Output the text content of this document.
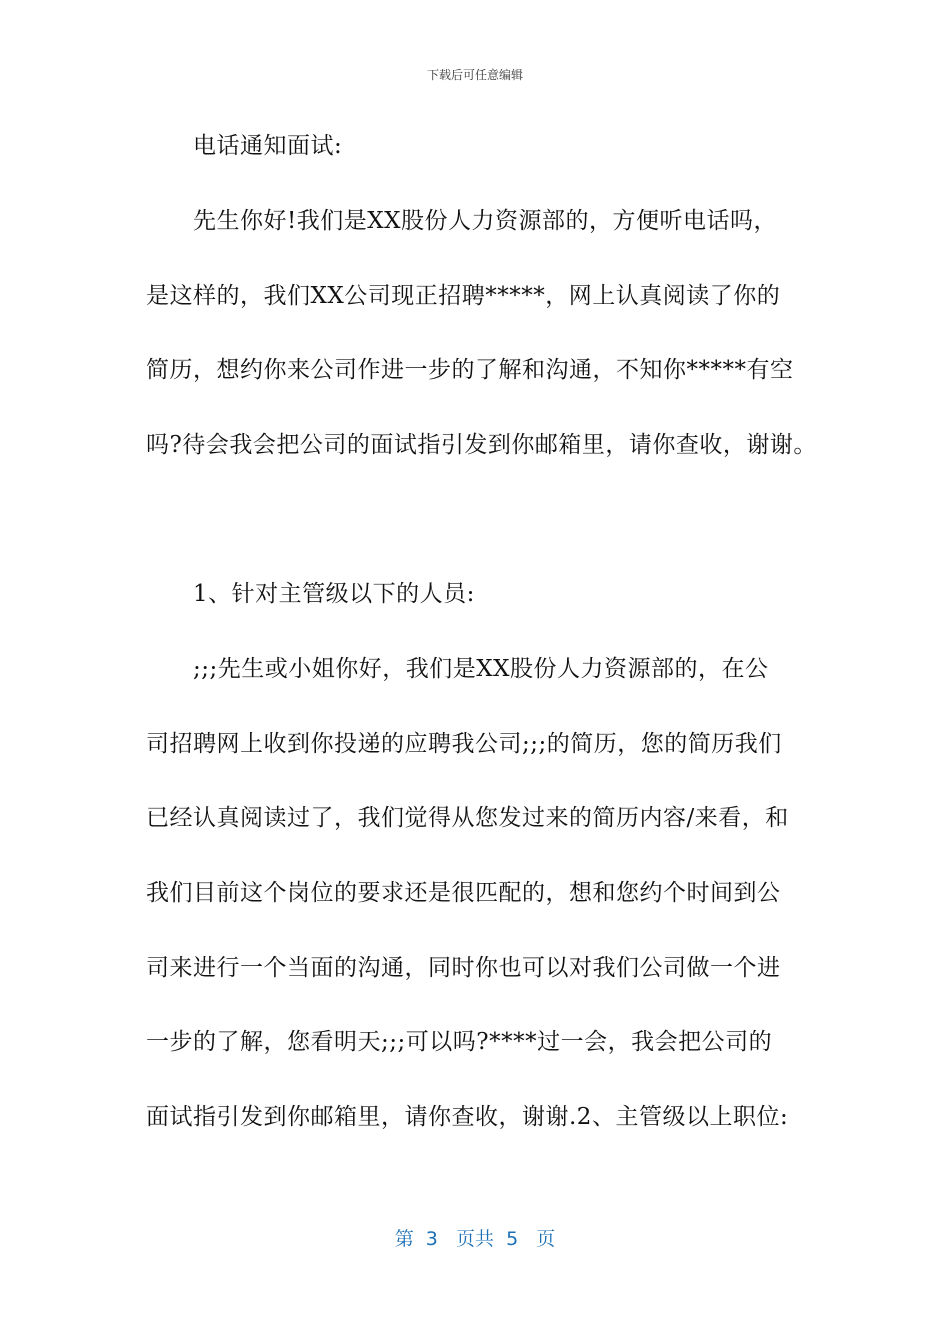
下载后可任意编辑
电话通知面试:
先生你好!我们是XX股份人力资源部的，方便听电话吗，
是这样的，我们XX公司现正招聘*****，网上认真阅读了你的
简历，想约你来公司作进一步的了解和沟通，不知你*****有空
吗?待会我会把公司的面试指引发到你邮箱里，请你查收，谢谢。
1、针对主管级以下的人员:
;;;先生或小姐你好，我们是XX股份人力资源部的，在公
司招聘网上收到你投递的应聘我公司;;;的简历，您的简历我们
已经认真阅读过了，我们觉得从您发过来的简历内容/来看，和
我们目前这个岗位的要求还是很匹配的，想和您约个时间到公
司来进行一个当面的沟通，同时你也可以对我们公司做一个进
一步的了解，您看明天;;;可以吗?****过一会，我会把公司的
面试指引发到你邮箱里，请你查收，谢谢.2、主管级以上职位:
第  3   页共  5   页
